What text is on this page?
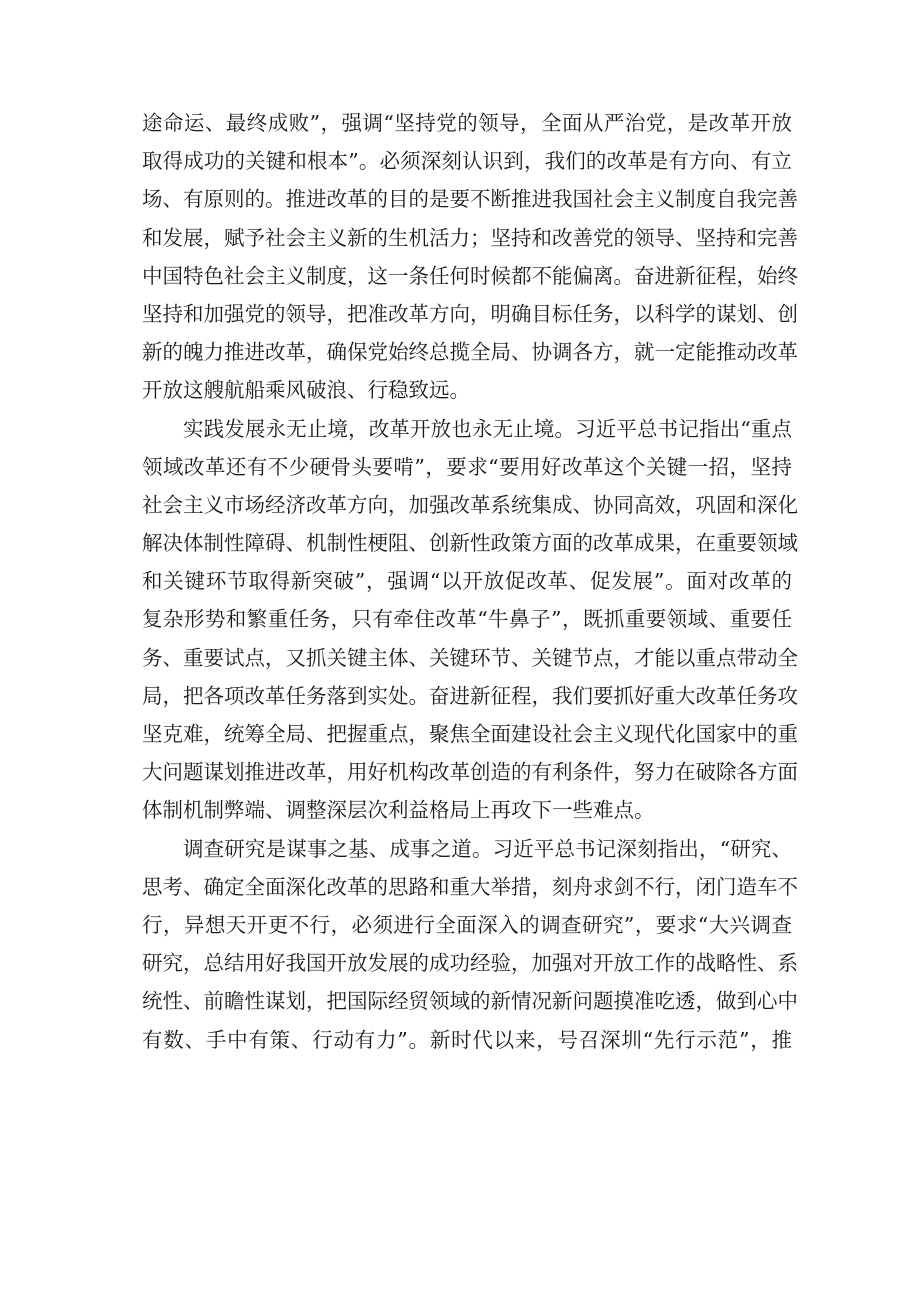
途命运、最终成败”，强调“坚持党的领导，全面从严治党，是改革开放
取得成功的关键和根本”。必须深刻认识到，我们的改革是有方向、有立
场、有原则的。推进改革的目的是要不断推进我国社会主义制度自我完善
和发展，赋予社会主义新的生机活力；坚持和改善党的领导、坚持和完善
中国特色社会主义制度，这一条任何时候都不能偏离。奋进新征程，始终
坚持和加强党的领导，把准改革方向，明确目标任务，以科学的谋划、创
新的魄力推进改革，确保党始终总揽全局、协调各方，就一定能推动改革
开放这艘航船乘风破浪、行稳致远。
实践发展永无止境，改革开放也永无止境。习近平总书记指出“重点
领域改革还有不少硬骨头要啃”，要求“要用好改革这个关键一招，坚持
社会主义市场经济改革方向，加强改革系统集成、协同高效，巩固和深化
解决体制性障碍、机制性梗阻、创新性政策方面的改革成果，在重要领域
和关键环节取得新突破”，强调“以开放促改革、促发展”。面对改革的
复杂形势和繁重任务，只有牵住改革“牛鼻子”，既抓重要领域、重要任
务、重要试点，又抓关键主体、关键环节、关键节点，才能以重点带动全
局，把各项改革任务落到实处。奋进新征程，我们要抓好重大改革任务攻
坚克难，统筹全局、把握重点，聚焦全面建设社会主义现代化国家中的重
大问题谋划推进改革，用好机构改革创造的有利条件，努力在破除各方面
体制机制弊端、调整深层次利益格局上再攻下一些难点。
调查研究是谋事之基、成事之道。习近平总书记深刻指出，“研究、
思考、确定全面深化改革的思路和重大举措，刻舟求剑不行，闭门造车不
行，异想天开更不行，必须进行全面深入的调查研究”，要求“大兴调查
研究，总结用好我国开放发展的成功经验，加强对开放工作的战略性、系
统性、前瞻性谋划，把国际经贸领域的新情况新问题摸准吃透，做到心中
有数、手中有策、行动有力”。新时代以来，号召深圳“先行示范”，推
